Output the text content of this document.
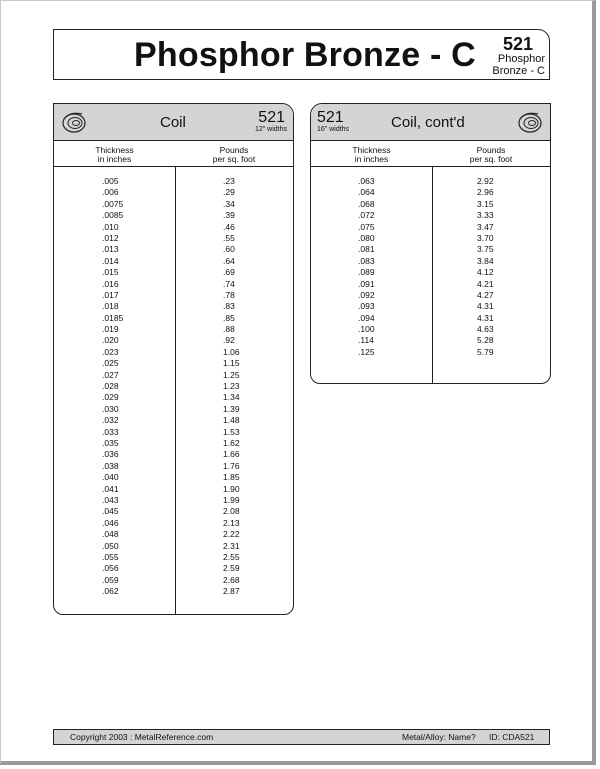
Phosphor Bronze - C 521
Phosphor
Bronze - C
Coil	521
12" widths
Thickness
in inches
Pounds
per sq. foot
.005	.23
.006	.29
.0075	.34
.0085	.39
.010	.46
.012	.55
.013	.60
.014	.64
.015	.69
.016	.74
.017	.78
.018	.83
.0185	.85
.019	.88
.020	.92
.023	1.06
.025	1.15
.027	1.25
.028	1.23
.029	1.34
.030	1.39
.032	1.48
.033	1.53
.035	1.62
.036	1.66
.038	1.76
.040	1.85
.041	1.90
.043	1.99
.045	2.08
.046	2.13
.048	2.22
.050	2.31
.055	2.55
.056	2.59
.059	2.68
.062	2.87
521
16" widths	Coil, cont'd
Thickness
in inches
Pounds
per sq. foot
.063	2.92
.064	2.96
.068	3.15
.072	3.33
.075	3.47
.080	3.70
.081	3.75
.083	3.84
.089	4.12
.091	4.21
.092	4.27
.093	4.31
.094	4.31
.100	4.63
.114	5.28
.125	5.79
Copyright 2003 : MetalReference.com	Metal/Alloy: Name? ID: CDA521
